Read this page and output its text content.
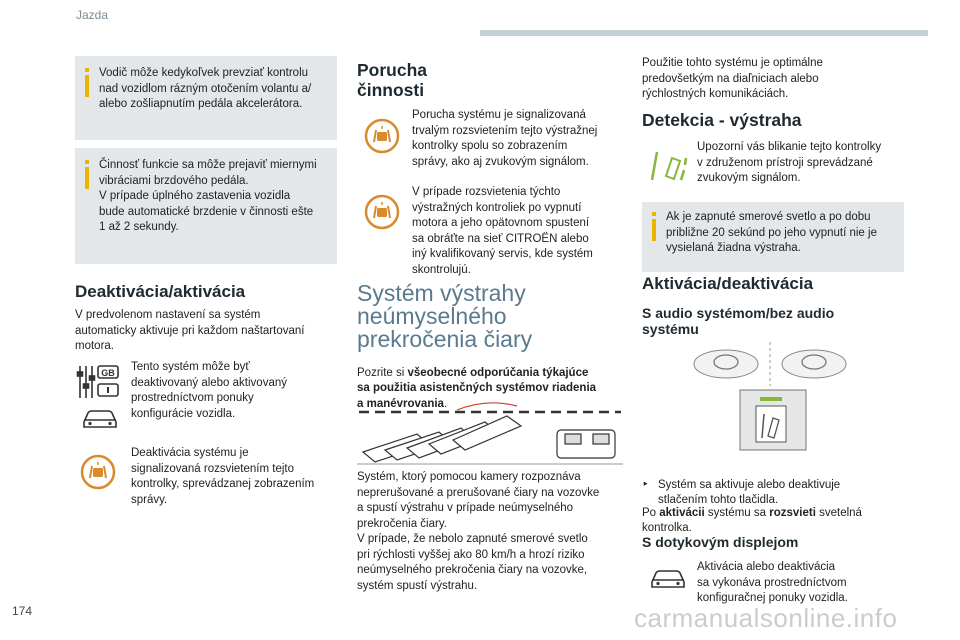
Jazda

Vodič môže kedykoľvek prevziať kontrolu
nad vozidlom rázným otočením volantu a/
alebo zošliapnutím pedála akcelerátora.

Činnosť funkcie sa môže prejaviť miernymi
vibráciami brzdového pedála.
V prípade úplného zastavenia vozidla
bude automatické brzdenie v činnosti ešte
1 až 2 sekundy.

Deaktivácia/aktivácia
V predvolenom nastavení sa systém
automaticky aktivuje pri každom naštartovaní
motora.
GB Tento systém môže byť
deaktivovaný alebo aktivovaný
prostredníctvom ponuky
konfigurácie vozidla.
Deaktivácia systému je
signalizovaná rozsvietením tejto
kontrolky, sprevádzanej zobrazením
správy.
Porucha
činnosti
Porucha systému je signalizovaná
trvalým rozsvietením tejto výstražnej
kontrolky spolu so zobrazením
správy, ako aj zvukovým signálom.
V prípade rozsvietenia týchto
výstražných kontroliek po vypnutí
motora a jeho opätovnom spustení
sa obráťte na sieť CITROËN alebo
iný kvalifikovaný servis, kde systém
skontrolujú.
Systém výstrahy
neúmyselného
prekročenia čiary

Pozrite si všeobecné odporúčania týkajúce
sa použitia asistenčných systémov riadenia
a manévrovania.

Systém, ktorý pomocou kamery rozpoznáva
neprerušované a prerušované čiary na vozovke
a spustí výstrahu v prípade neúmyselného
prekročenia čiary.
V prípade, že nebolo zapnuté smerové svetlo
pri rýchlosti vyššej ako 80 km/h a hrozí riziko
neúmyselného prekročenia čiary na vozovke,
systém spustí výstrahu.
Použitie tohto systému je optimálne
predovšetkým na diaľniciach alebo
rýchlostných komunikáciách.
Detekcia - výstraha
Upozorní vás blikanie tejto kontrolky
v združenom prístroji sprevádzané
zvukovým signálom.

Ak je zapnuté smerové svetlo a po dobu
približne 20 sekúnd po jeho vypnutí nie je
vysielaná žiadna výstraha.

Aktivácia/deaktivácia
S audio systémom/bez audio
systému

‣ Systém sa aktivuje alebo deaktivuje
stlačením tohto tlačidla.

Po aktivácii systému sa rozsvieti svetelná
kontrolka.

S dotykovým displejom
Aktivácia alebo deaktivácia
sa vykonáva prostredníctvom
konfiguračnej ponuky vozidla.
174	carmanualsonline.info
